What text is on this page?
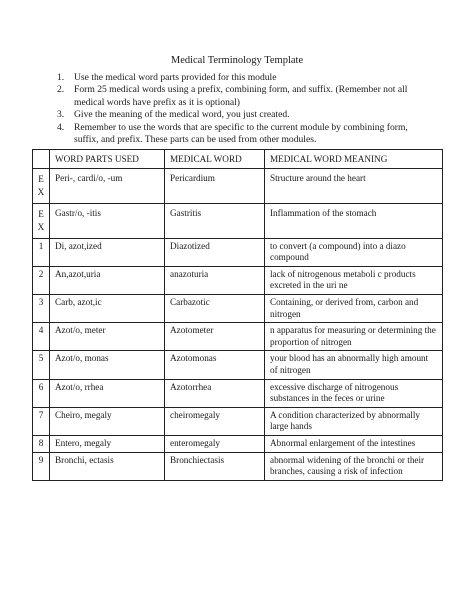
Medical Terminology Template
1. Use the medical word parts provided for this module
2. Form 25 medical words using a prefix, combining form, and suffix. (Remember not all medical words have prefix as it is optional)
3. Give the meaning of the medical word, you just created.
4. Remember to use the words that are specific to the current module by combining form, suffix, and prefix. These parts can be used from other modules.
	WORD PARTS USED	MEDICAL WORD	MEDICAL WORD MEANING

E
X	Peri-, cardi/o, -um	Pericardium	Structure around the heart

E
X	Gastr/o, -itis	Gastritis	Inflammation of the stomach
1	Di, azot,ized	Diazotized	to convert (a compound) into a diazo compound
2	An,azot,uria	anazoturia	lack of nitrogenous metaboli c products excreted in the uri ne
3	Carb, azot,ic	Carbazotic	Containing, or derived from, carbon and nitrogen
4	Azot/o, meter	Azotometer	n apparatus for measuring or determining the proportion of nitrogen
5	Azot/o, monas	Azotomonas	your blood has an abnormally high amount of nitrogen
6	Azot/o, rrhea	Azotorrhea	excessive discharge of nitrogenous substances in the feces or urine
7	Cheiro, megaly	cheiromegaly	A condition characterized by abnormally large hands
8	Entero, megaly	enteromegaly	Abnormal enlargement of the intestines
9	Bronchi, ectasis	Bronchiectasis	abnormal widening of the bronchi or their branches, causing a risk of infection
